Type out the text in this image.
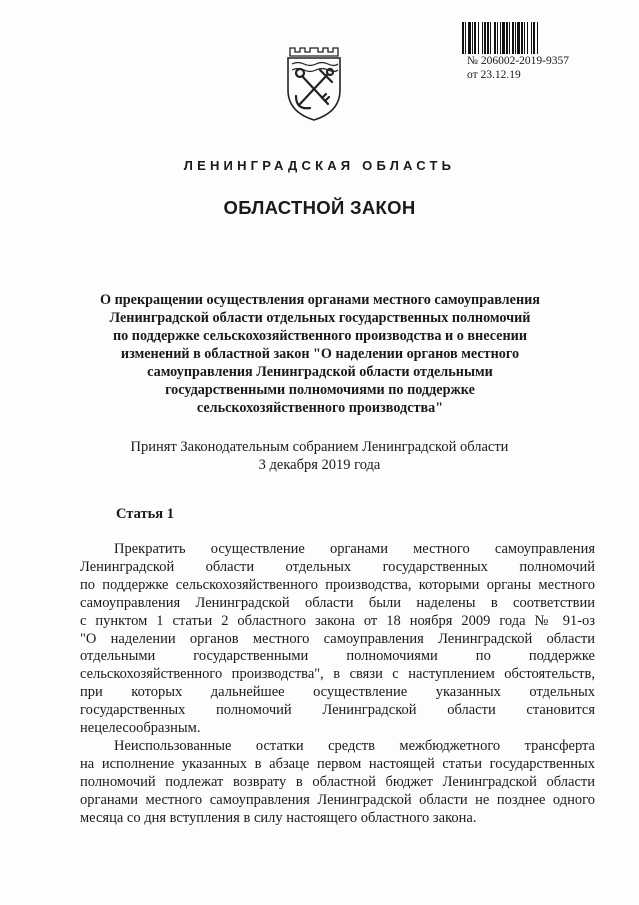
№ 206002-2019-9357
от 23.12.19
ЛЕНИНГРАДСКАЯ ОБЛАСТЬ
ОБЛАСТНОЙ ЗАКОН
О прекращении осуществления органами местного самоуправления
Ленинградской области отдельных государственных полномочий
по поддержке сельскохозяйственного производства и о внесении
изменений в областной закон "О наделении органов местного
самоуправления Ленинградской области отдельными
государственными полномочиями по поддержке
сельскохозяйственного производства"
Принят Законодательным собранием Ленинградской области
3 декабря 2019 года
Статья 1
Прекратить осуществление органами местного самоуправления
Ленинградской области отдельных государственных полномочий
по поддержке сельскохозяйственного производства, которыми органы местного
самоуправления Ленинградской области были наделены в соответствии
с пунктом 1 статьи 2 областного закона от 18 ноября 2009 года № 91-оз
"О наделении органов местного самоуправления Ленинградской области
отдельными государственными полномочиями по поддержке
сельскохозяйственного производства", в связи с наступлением обстоятельств,
при которых дальнейшее осуществление указанных отдельных
государственных полномочий Ленинградской области становится
нецелесообразным.
Неиспользованные остатки средств межбюджетного трансферта
на исполнение указанных в абзаце первом настоящей статьи государственных
полномочий подлежат возврату в областной бюджет Ленинградской области
органами местного самоуправления Ленинградской области не позднее одного
месяца со дня вступления в силу настоящего областного закона.
